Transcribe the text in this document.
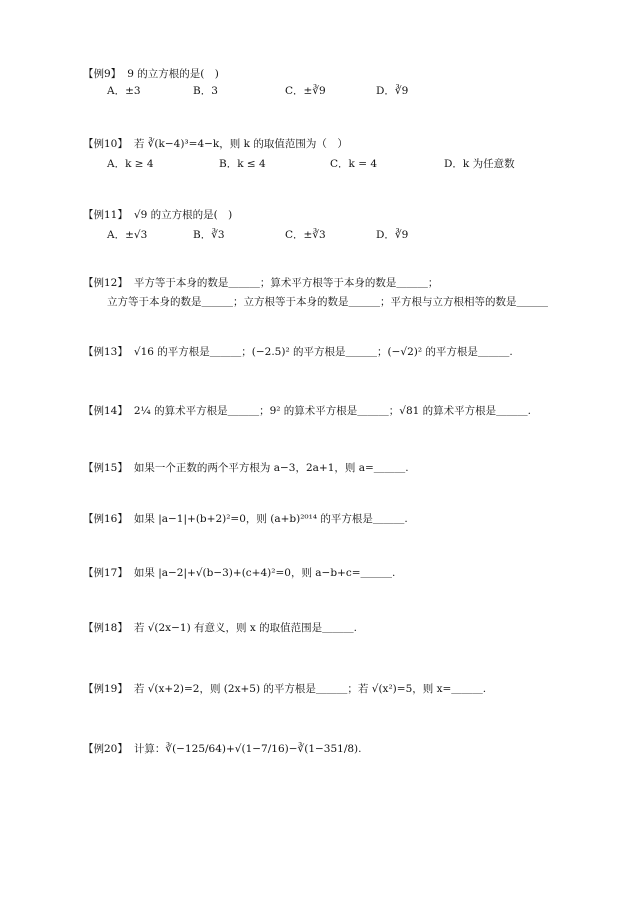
【例9】 9 的立方根的是(　)
A．±3	B．3	C．±∛9	D．∛9
【例10】 若 ∛(k−4)³=4−k，则 k 的取值范围为（　）
A．k ≥ 4	B．k ≤ 4	C．k = 4	D．k 为任意数
【例11】 √9 的立方根的是(　)
A．±√3	B．∛3	C．±∛3	D．∛9
【例12】 平方等于本身的数是＿＿＿；算术平方根等于本身的数是＿＿＿；
立方等于本身的数是＿＿＿；立方根等于本身的数是＿＿＿；平方根与立方根相等的数是＿＿＿
【例13】 √16 的平方根是＿＿＿；(−2.5)² 的平方根是＿＿＿；(−√2)² 的平方根是＿＿＿.
【例14】 2¼ 的算术平方根是＿＿＿；9² 的算术平方根是＿＿＿；√81 的算术平方根是＿＿＿.
【例15】 如果一个正数的两个平方根为 a−3，2a+1，则 a=＿＿＿.
【例16】 如果 |a−1|+(b+2)²=0，则 (a+b)²⁰¹⁴ 的平方根是＿＿＿.
【例17】 如果 |a−2|+√(b−3)+(c+4)²=0，则 a−b+c=＿＿＿.
【例18】 若 √(2x−1) 有意义，则 x 的取值范围是＿＿＿.
【例19】 若 √(x+2)=2，则 (2x+5) 的平方根是＿＿＿；若 √(x²)=5，则 x=＿＿＿.
【例20】 计算：∛(−125/64)+√(1−7/16)−∛(1−351/8).
